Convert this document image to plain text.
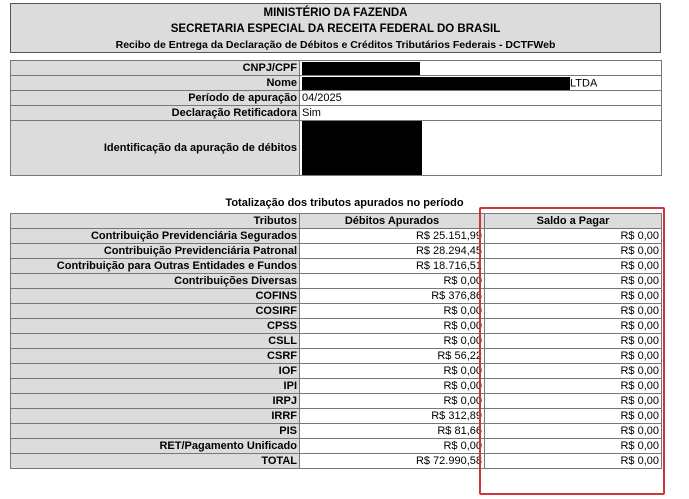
MINISTÉRIO DA FAZENDA
SECRETARIA ESPECIAL DA RECEITA FEDERAL DO BRASIL
Recibo de Entrega da Declaração de Débitos e Créditos Tributários Federais - DCTFWeb
CNPJ/CPF	
Nome	LTDA
Período de apuração	04/2025
Declaração Retificadora	Sim
Identificação da apuração de débitos	
Totalização dos tributos apurados no período
Tributos	Débitos Apurados	Saldo a Pagar
Contribuição Previdenciária Segurados	R$ 25.151,99	R$ 0,00
Contribuição Previdenciária Patronal	R$ 28.294,45	R$ 0,00
Contribuição para Outras Entidades e Fundos	R$ 18.716,51	R$ 0,00
Contribuições Diversas	R$ 0,00	R$ 0,00
COFINS	R$ 376,86	R$ 0,00
COSIRF	R$ 0,00	R$ 0,00
CPSS	R$ 0,00	R$ 0,00
CSLL	R$ 0,00	R$ 0,00
CSRF	R$ 56,22	R$ 0,00
IOF	R$ 0,00	R$ 0,00
IPI	R$ 0,00	R$ 0,00
IRPJ	R$ 0,00	R$ 0,00
IRRF	R$ 312,89	R$ 0,00
PIS	R$ 81,66	R$ 0,00
RET/Pagamento Unificado	R$ 0,00	R$ 0,00
TOTAL	R$ 72.990,58	R$ 0,00
